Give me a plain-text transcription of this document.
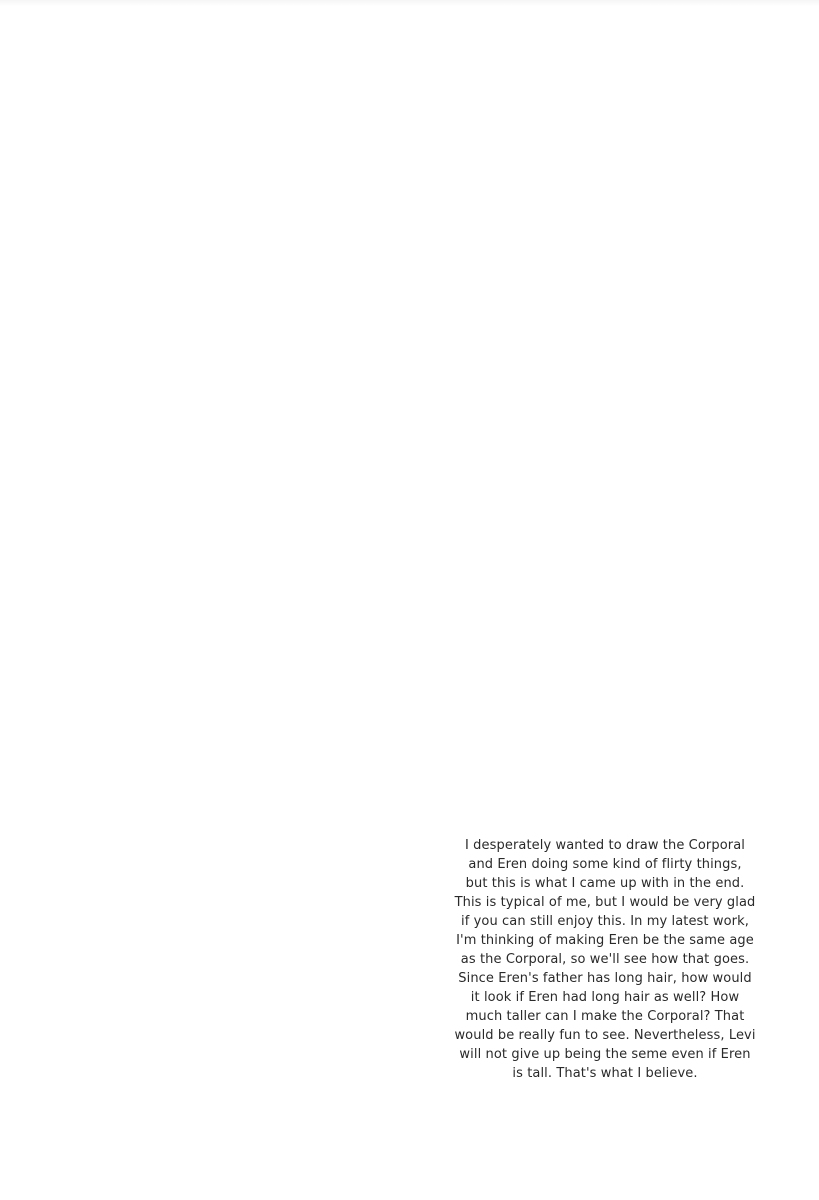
I desperately wanted to draw the Corporal
and Eren doing some kind of flirty things,
but this is what I came up with in the end.
This is typical of me, but I would be very glad
if you can still enjoy this. In my latest work,
I'm thinking of making Eren be the same age
as the Corporal, so we'll see how that goes.
Since Eren's father has long hair, how would
it look if Eren had long hair as well? How
much taller can I make the Corporal? That
would be really fun to see. Nevertheless, Levi
will not give up being the seme even if Eren
is tall. That's what I believe.
